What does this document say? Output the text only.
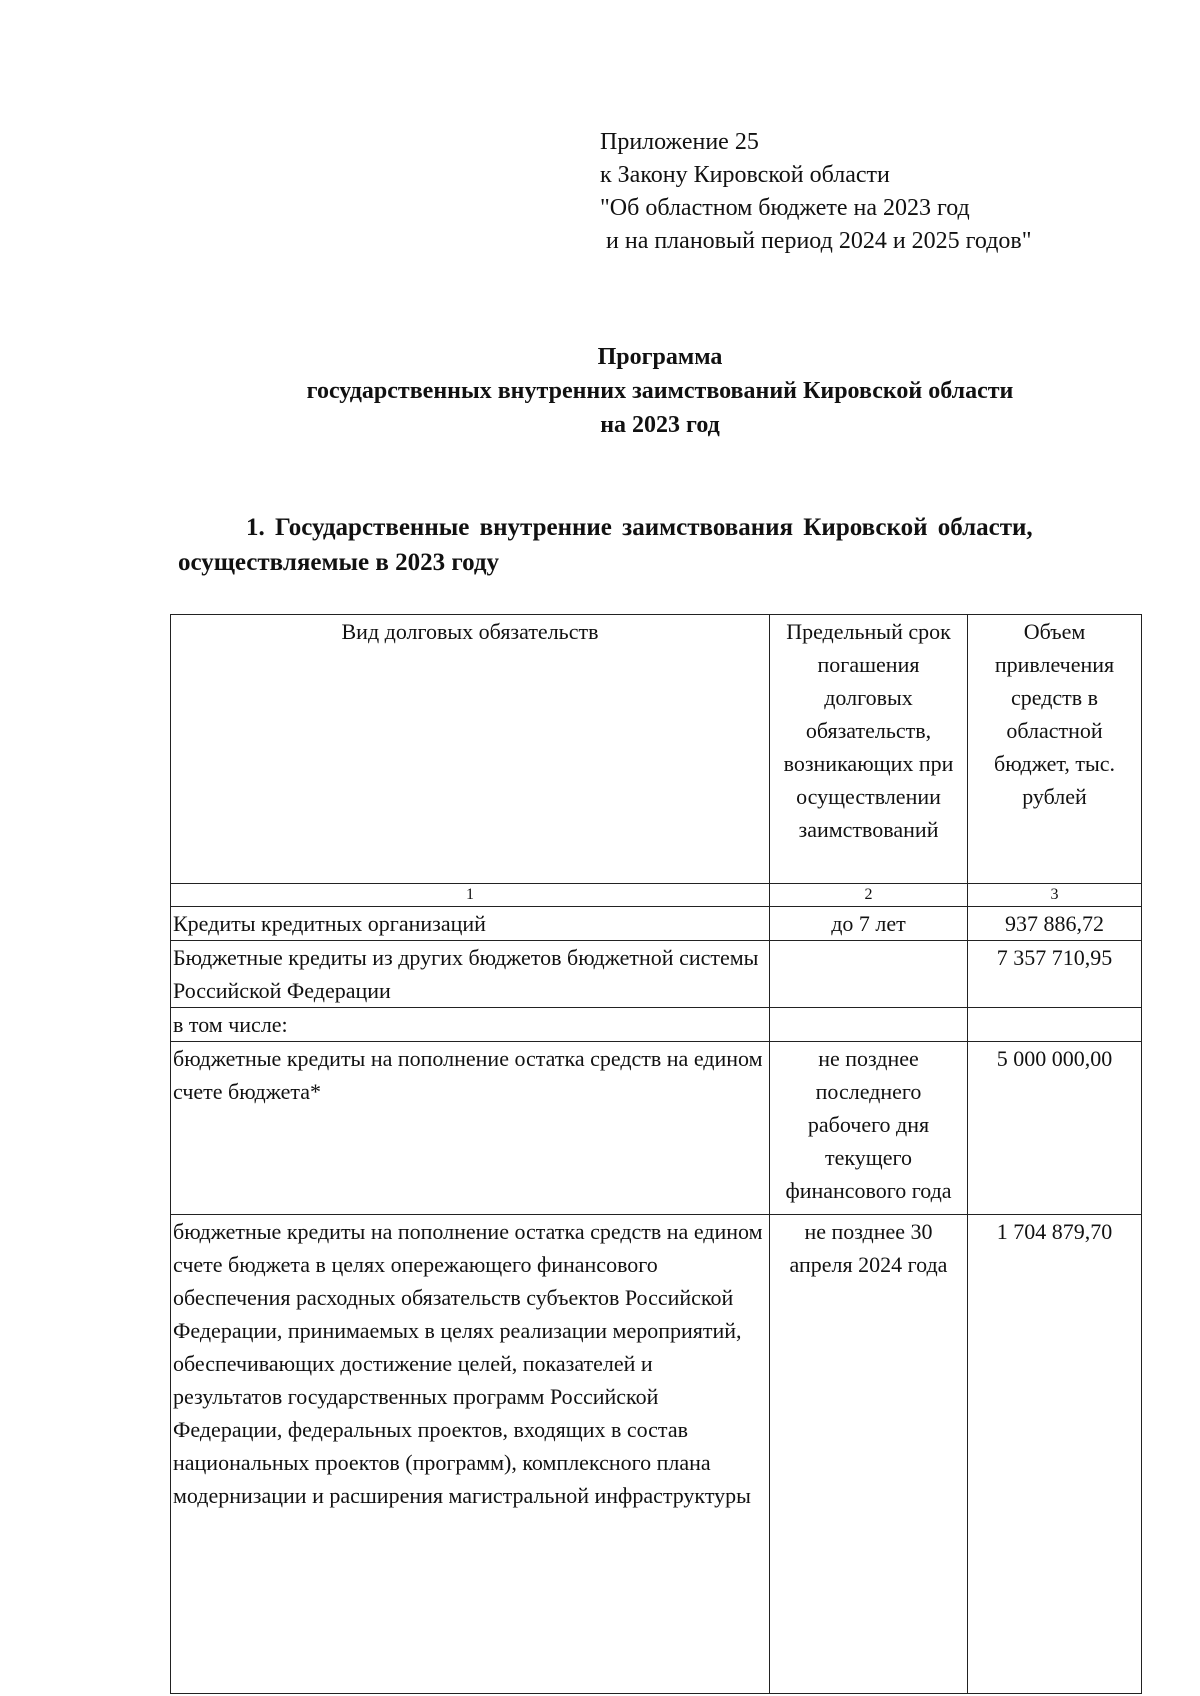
Приложение 25
к Закону Кировской области
"Об областном бюджете на 2023 год
и на плановый период 2024 и 2025 годов"
Программа
государственных внутренних заимствований Кировской области
на 2023 год
1. Государственные внутренние заимствования Кировской области,
осуществляемые в 2023 году
Вид долговых обязательств	Предельный срок погашения долговых обязательств, возникающих при осуществлении заимствований	Объем привлечения средств в областной бюджет, тыс. рублей
1	2	3
Кредиты кредитных организаций	до 7 лет	937 886,72
Бюджетные кредиты из других бюджетов бюджетной системы Российской Федерации		7 357 710,95
в том числе:		
бюджетные кредиты на пополнение остатка средств на едином счете бюджета*	не позднее последнего рабочего дня текущего финансового года	5 000 000,00
бюджетные кредиты на пополнение остатка средств на едином счете бюджета в целях опережающего финансового обеспечения расходных обязательств субъектов Российской Федерации, принимаемых в целях реализации мероприятий, обеспечивающих достижение целей, показателей и результатов государственных программ Российской Федерации, федеральных проектов, входящих в состав национальных проектов (программ), комплексного плана модернизации и расширения магистральной инфраструктуры	не позднее 30 апреля 2024 года	1 704 879,70
